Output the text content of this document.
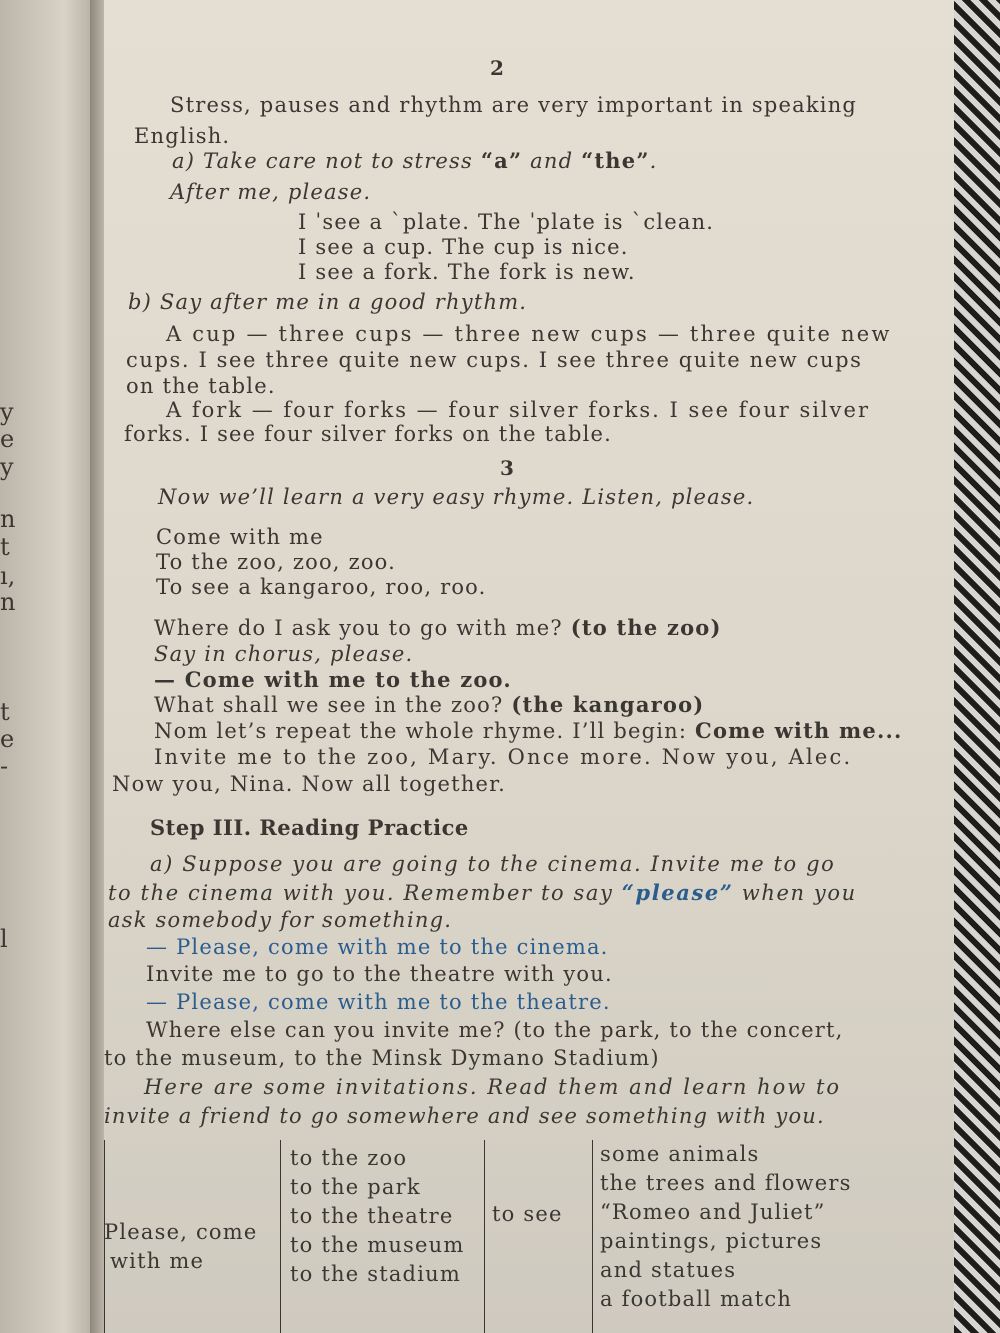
y
e
y
n
t
ı,
n
t
e
-
l
2
Stress, pauses and rhythm are very important in speaking
English.
a) Take care not to stress “a” and “the”.
After me, please.
I ˈsee a ˋplate. The ˈplate is ˋclean.
I see a cup. The cup is nice.
I see a fork. The fork is new.
b) Say after me in a good rhythm.
A cup — three cups — three new cups — three quite new
cups. I see three quite new cups. I see three quite new cups
on the table.
A fork — four forks — four silver forks. I see four silver
forks. I see four silver forks on the table.
3
Now we’ll learn a very easy rhyme. Listen, please.
Come with me
To the zoo, zoo, zoo.
To see a kangaroo, roo, roo.
Where do I ask you to go with me? (to the zoo)
Say in chorus, please.
— Come with me to the zoo.
What shall we see in the zoo? (the kangaroo)
Nom let’s repeat the whole rhyme. I’ll begin: Come with me...
Invite me to the zoo, Mary. Once more. Now you, Alec.
Now you, Nina. Now all together.
Step III. Reading Practice
a) Suppose you are going to the cinema. Invite me to go
to the cinema with you. Remember to say “please” when you
ask somebody for something.
— Please, come with me to the cinema.
Invite me to go to the theatre with you.
— Please, come with me to the theatre.
Where else can you invite me? (to the park, to the concert,
to the museum, to the Minsk Dymano Stadium)
Here are some invitations. Read them and learn how to
invite a friend to go somewhere and see something with you.
Please, come
with me
to the zoo
to the park
to the theatre
to the museum
to the stadium
to see
some animals
the trees and flowers
“Romeo and Juliet”
paintings, pictures
and statues
a football match
